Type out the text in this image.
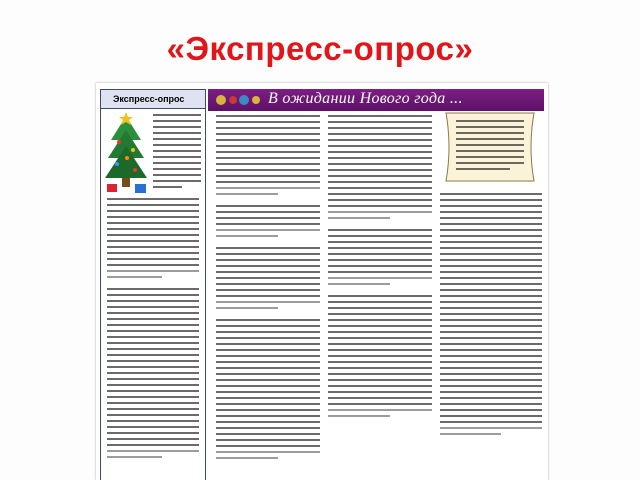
«Экспресс-опрос»
Экспресс-опрос	В ожидании Нового года ...
